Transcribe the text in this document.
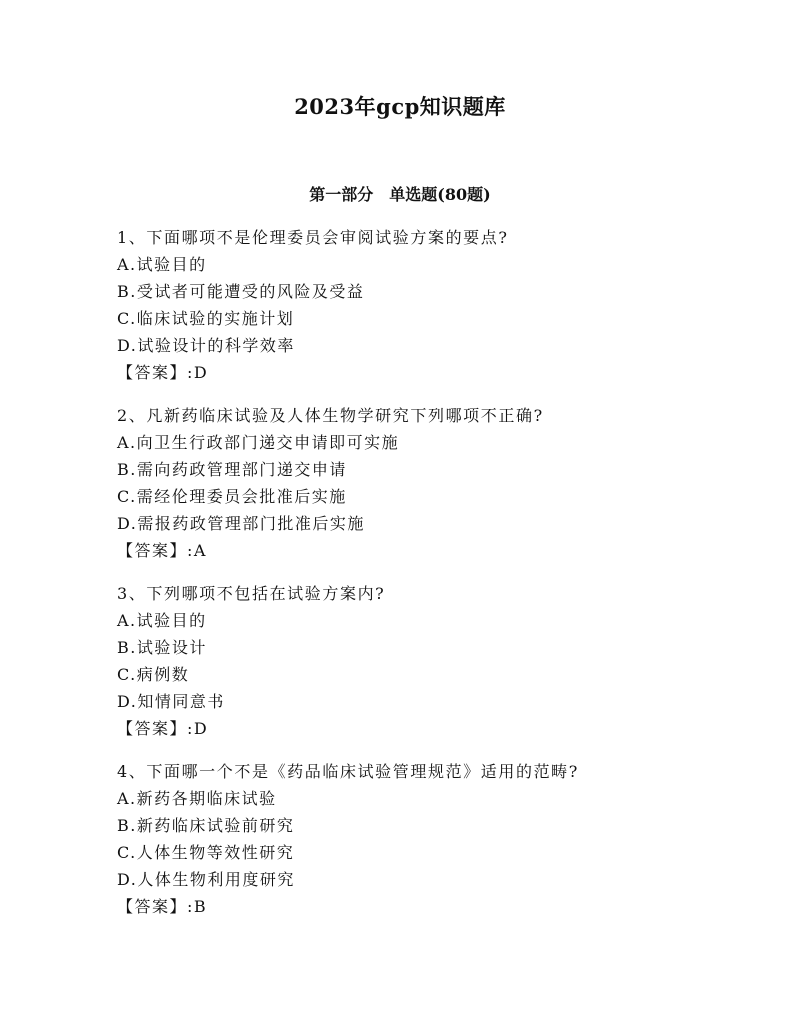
2023年gcp知识题库
第一部分　单选题(80题)
1、下面哪项不是伦理委员会审阅试验方案的要点?
A.试验目的
B.受试者可能遭受的风险及受益
C.临床试验的实施计划
D.试验设计的科学效率
【答案】:D
2、凡新药临床试验及人体生物学研究下列哪项不正确?
A.向卫生行政部门递交申请即可实施
B.需向药政管理部门递交申请
C.需经伦理委员会批准后实施
D.需报药政管理部门批准后实施
【答案】:A
3、下列哪项不包括在试验方案内?
A.试验目的
B.试验设计
C.病例数
D.知情同意书
【答案】:D
4、下面哪一个不是《药品临床试验管理规范》适用的范畴?
A.新药各期临床试验
B.新药临床试验前研究
C.人体生物等效性研究
D.人体生物利用度研究
【答案】:B
